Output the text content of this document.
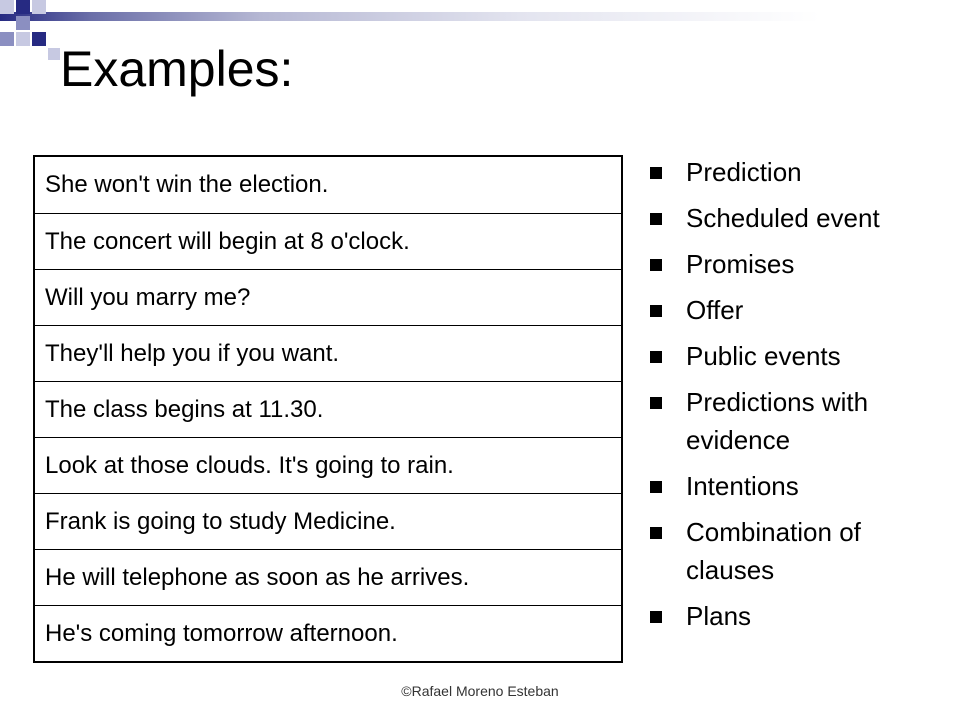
Examples:
She won't win the election.
The concert will begin at 8 o'clock.
Will you marry me?
They'll help you if you want.
The class begins at 11.30.
Look at those clouds. It's going to rain.
Frank is going to study Medicine.
He will telephone as soon as he arrives.
He's coming tomorrow afternoon.
Prediction
Scheduled event
Promises
Offer
Public events
Predictions with evidence
Intentions
Combination of clauses
Plans
©Rafael Moreno Esteban
